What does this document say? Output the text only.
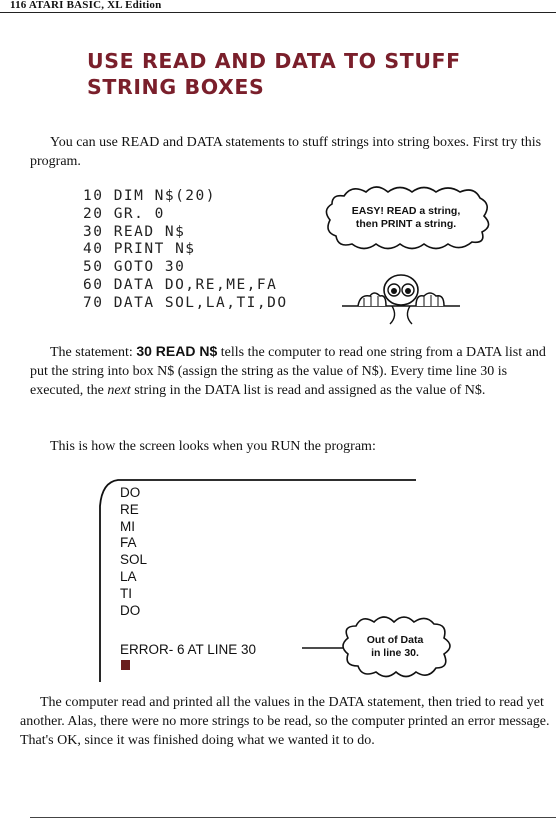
116 ATARI BASIC, XL Edition
USE READ AND DATA TO STUFF STRING BOXES

You can use READ and DATA statements to stuff strings into string boxes. First try this program.

10 DIM N$(20)
20 GR. 0
30 READ N$
40 PRINT N$
50 GOTO 30
60 DATA DO,RE,ME,FA
70 DATA SOL,LA,TI,DO
EASY! READ a string,
then PRINT a string.

The statement: 30 READ N$ tells the computer to read one string from a DATA list and put the string into box N$ (assign the string as the value of N$). Every time line 30 is executed, the next string in the DATA list is read and assigned as the value of N$.

This is how the screen looks when you RUN the program:
DO
RE
MI
FA
SOL
LA
TI
DO
ERROR- 6 AT LINE 30
Out of Data
in line 30.

The computer read and printed all the values in the DATA statement, then tried to read yet another. Alas, there were no more strings to be read, so the computer printed an error message. That's OK, since it was finished doing what we wanted it to do.
